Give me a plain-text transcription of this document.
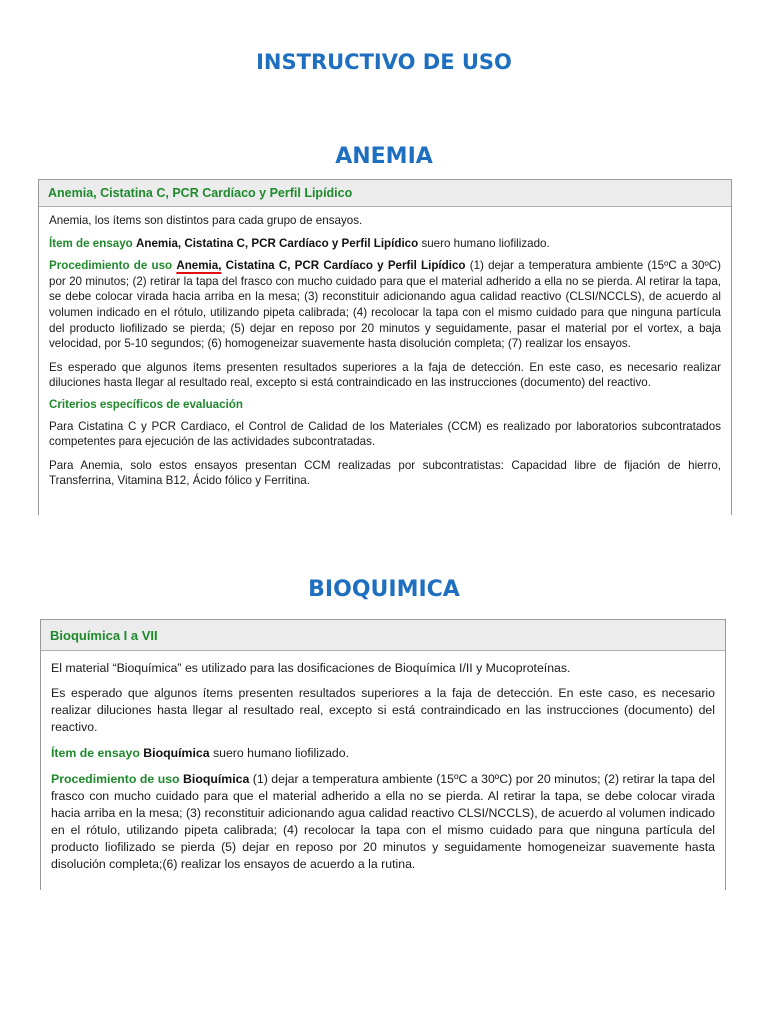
INSTRUCTIVO DE USO
ANEMIA
Anemia, Cistatina C, PCR Cardíaco y Perfil Lipídico

Anemia, los ítems son distintos para cada grupo de ensayos.

Ítem de ensayo Anemia, Cistatina C, PCR Cardíaco y Perfil Lipídico suero humano liofilizado.

Procedimiento de uso Anemia, Cistatina C, PCR Cardíaco y Perfil Lipídico (1) dejar a temperatura ambiente (15ºC a 30ºC) por 20 minutos; (2) retirar la tapa del frasco con mucho cuidado para que el material adherido a ella no se pierda. Al retirar la tapa, se debe colocar virada hacia arriba en la mesa; (3) reconstituir adicionando agua calidad reactivo (CLSI/NCCLS), de acuerdo al volumen indicado en el rótulo, utilizando pipeta calibrada; (4) recolocar la tapa con el mismo cuidado para que ninguna partícula del producto liofilizado se pierda; (5) dejar en reposo por 20 minutos y seguidamente, pasar el material por el vortex, a baja velocidad, por 5-10 segundos; (6) homogeneizar suavemente hasta disolución completa; (7) realizar los ensayos.

Es esperado que algunos ítems presenten resultados superiores a la faja de detección. En este caso, es necesario realizar diluciones hasta llegar al resultado real, excepto si está contraindicado en las instrucciones (documento) del reactivo.

Criterios específicos de evaluación

Para Cistatina C y PCR Cardiaco, el Control de Calidad de los Materiales (CCM) es realizado por laboratorios subcontratados competentes para ejecución de las actividades subcontratadas.

Para Anemia, solo estos ensayos presentan CCM realizadas por subcontratistas: Capacidad libre de fijación de hierro, Transferrina, Vitamina B12, Ácido fólico y Ferritina.

BIOQUIMICA
Bioquímica I a VII

El material “Bioquímica” es utilizado para las dosificaciones de Bioquímica I/II y Mucoproteínas.

Es esperado que algunos ítems presenten resultados superiores a la faja de detección. En este caso, es necesario realizar diluciones hasta llegar al resultado real, excepto si está contraindicado en las instrucciones (documento) del reactivo.

Ítem de ensayo Bioquímica suero humano liofilizado.

Procedimiento de uso Bioquímica (1) dejar a temperatura ambiente (15ºC a 30ºC) por 20 minutos; (2) retirar la tapa del frasco con mucho cuidado para que el material adherido a ella no se pierda. Al retirar la tapa, se debe colocar virada hacia arriba en la mesa; (3) reconstituir adicionando agua calidad reactivo CLSI/NCCLS), de acuerdo al volumen indicado en el rótulo, utilizando pipeta calibrada; (4) recolocar la tapa con el mismo cuidado para que ninguna partícula del producto liofilizado se pierda (5) dejar en reposo por 20 minutos y seguidamente homogeneizar suavemente hasta disolución completa;(6) realizar los ensayos de acuerdo a la rutina.
